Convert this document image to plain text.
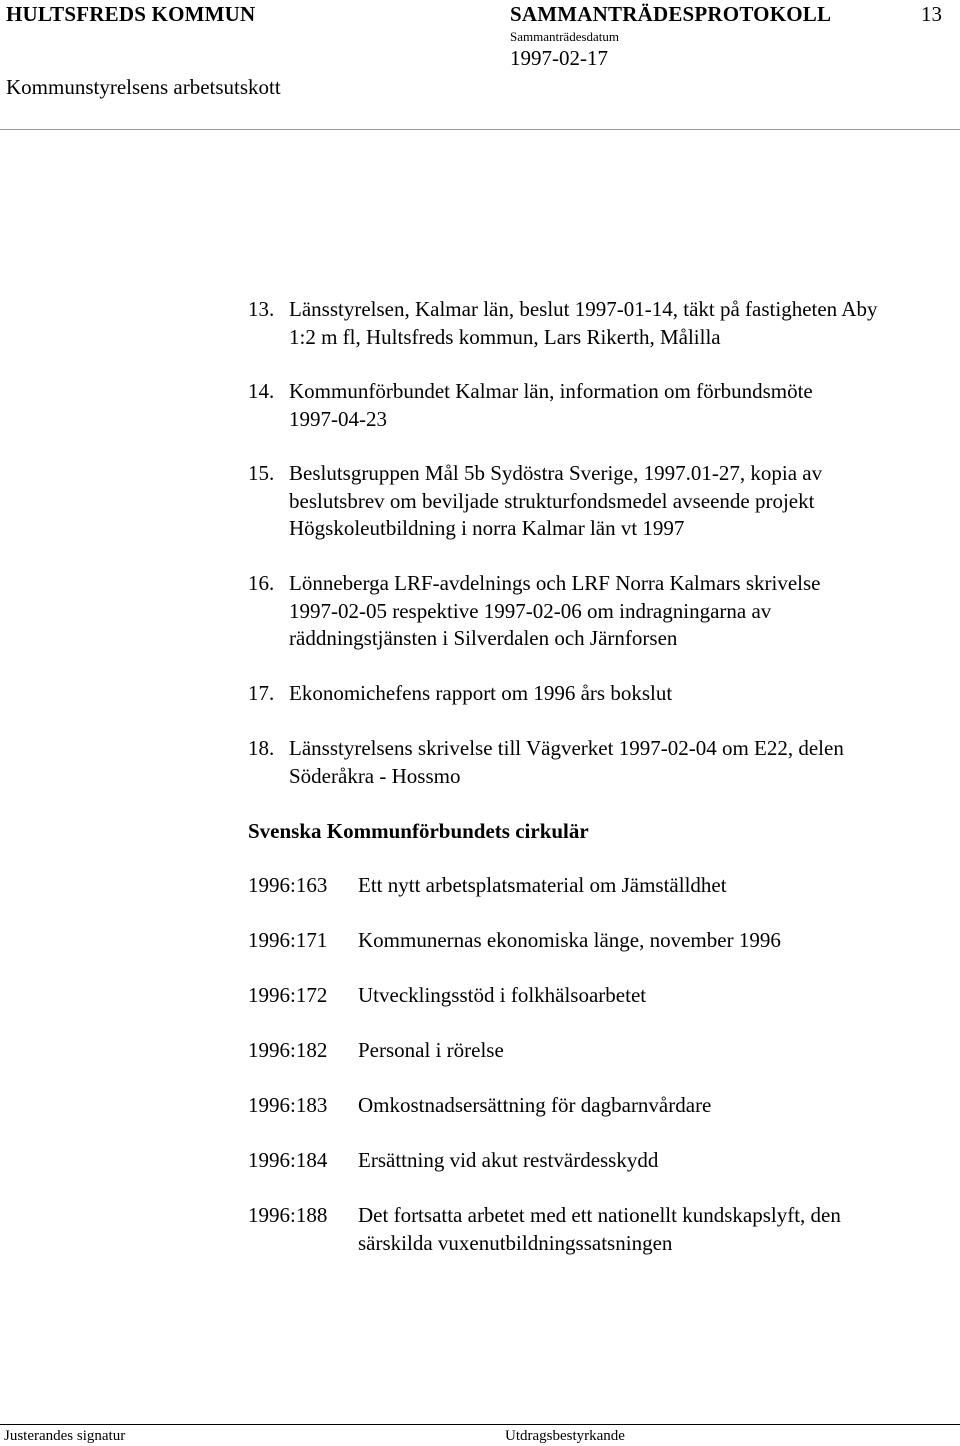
HULTSFREDS KOMMUN	SAMMANTRÄDESPROTOKOLL	13
Sammanträdesdatum
1997-02-17
Kommunstyrelsens arbetsutskott
13. Länsstyrelsen, Kalmar län, beslut 1997-01-14, täkt på fastigheten Aby
1:2 m fl, Hultsfreds kommun, Lars Rikerth, Målilla
14. Kommunförbundet Kalmar län, information om förbundsmöte
1997-04-23
15. Beslutsgruppen Mål 5b Sydöstra Sverige, 1997.01-27, kopia av
beslutsbrev om beviljade strukturfondsmedel avseende projekt
Högskoleutbildning i norra Kalmar län vt 1997
16. Lönneberga LRF-avdelnings och LRF Norra Kalmars skrivelse
1997-02-05 respektive 1997-02-06 om indragningarna av
räddningstjänsten i Silverdalen och Järnforsen
17. Ekonomichefens rapport om 1996 års bokslut
18. Länsstyrelsens skrivelse till Vägverket 1997-02-04 om E22, delen
Söderåkra - Hossmo
Svenska Kommunförbundets cirkulär
1996:163 Ett nytt arbetsplatsmaterial om Jämställdhet
1996:171 Kommunernas ekonomiska länge, november 1996
1996:172 Utvecklingsstöd i folkhälsoarbetet
1996:182 Personal i rörelse
1996:183 Omkostnadsersättning för dagbarnvårdare
1996:184 Ersättning vid akut restvärdesskydd
1996:188 Det fortsatta arbetet med ett nationellt kundskapslyft, den
särskilda vuxenutbildningssatsningen
Justerandes signatur	Utdragsbestyrkande
